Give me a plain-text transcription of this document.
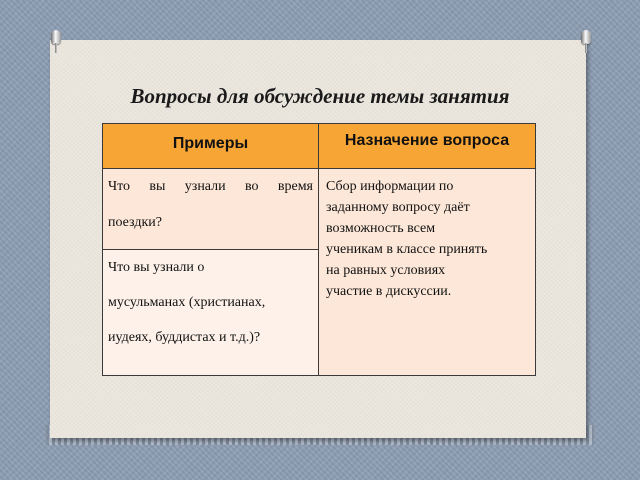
Вопросы для обсуждение темы занятия
Примеры	Назначение вопроса
Что вы узнали во время
поездки?
Что вы узнали о
мусульманах (христианах,
иудеях, буддистах и т.д.)?
Сбор информации по
заданному вопросу даёт
возможность всем
ученикам в классе принять
на равных условиях
участие в дискуссии.
